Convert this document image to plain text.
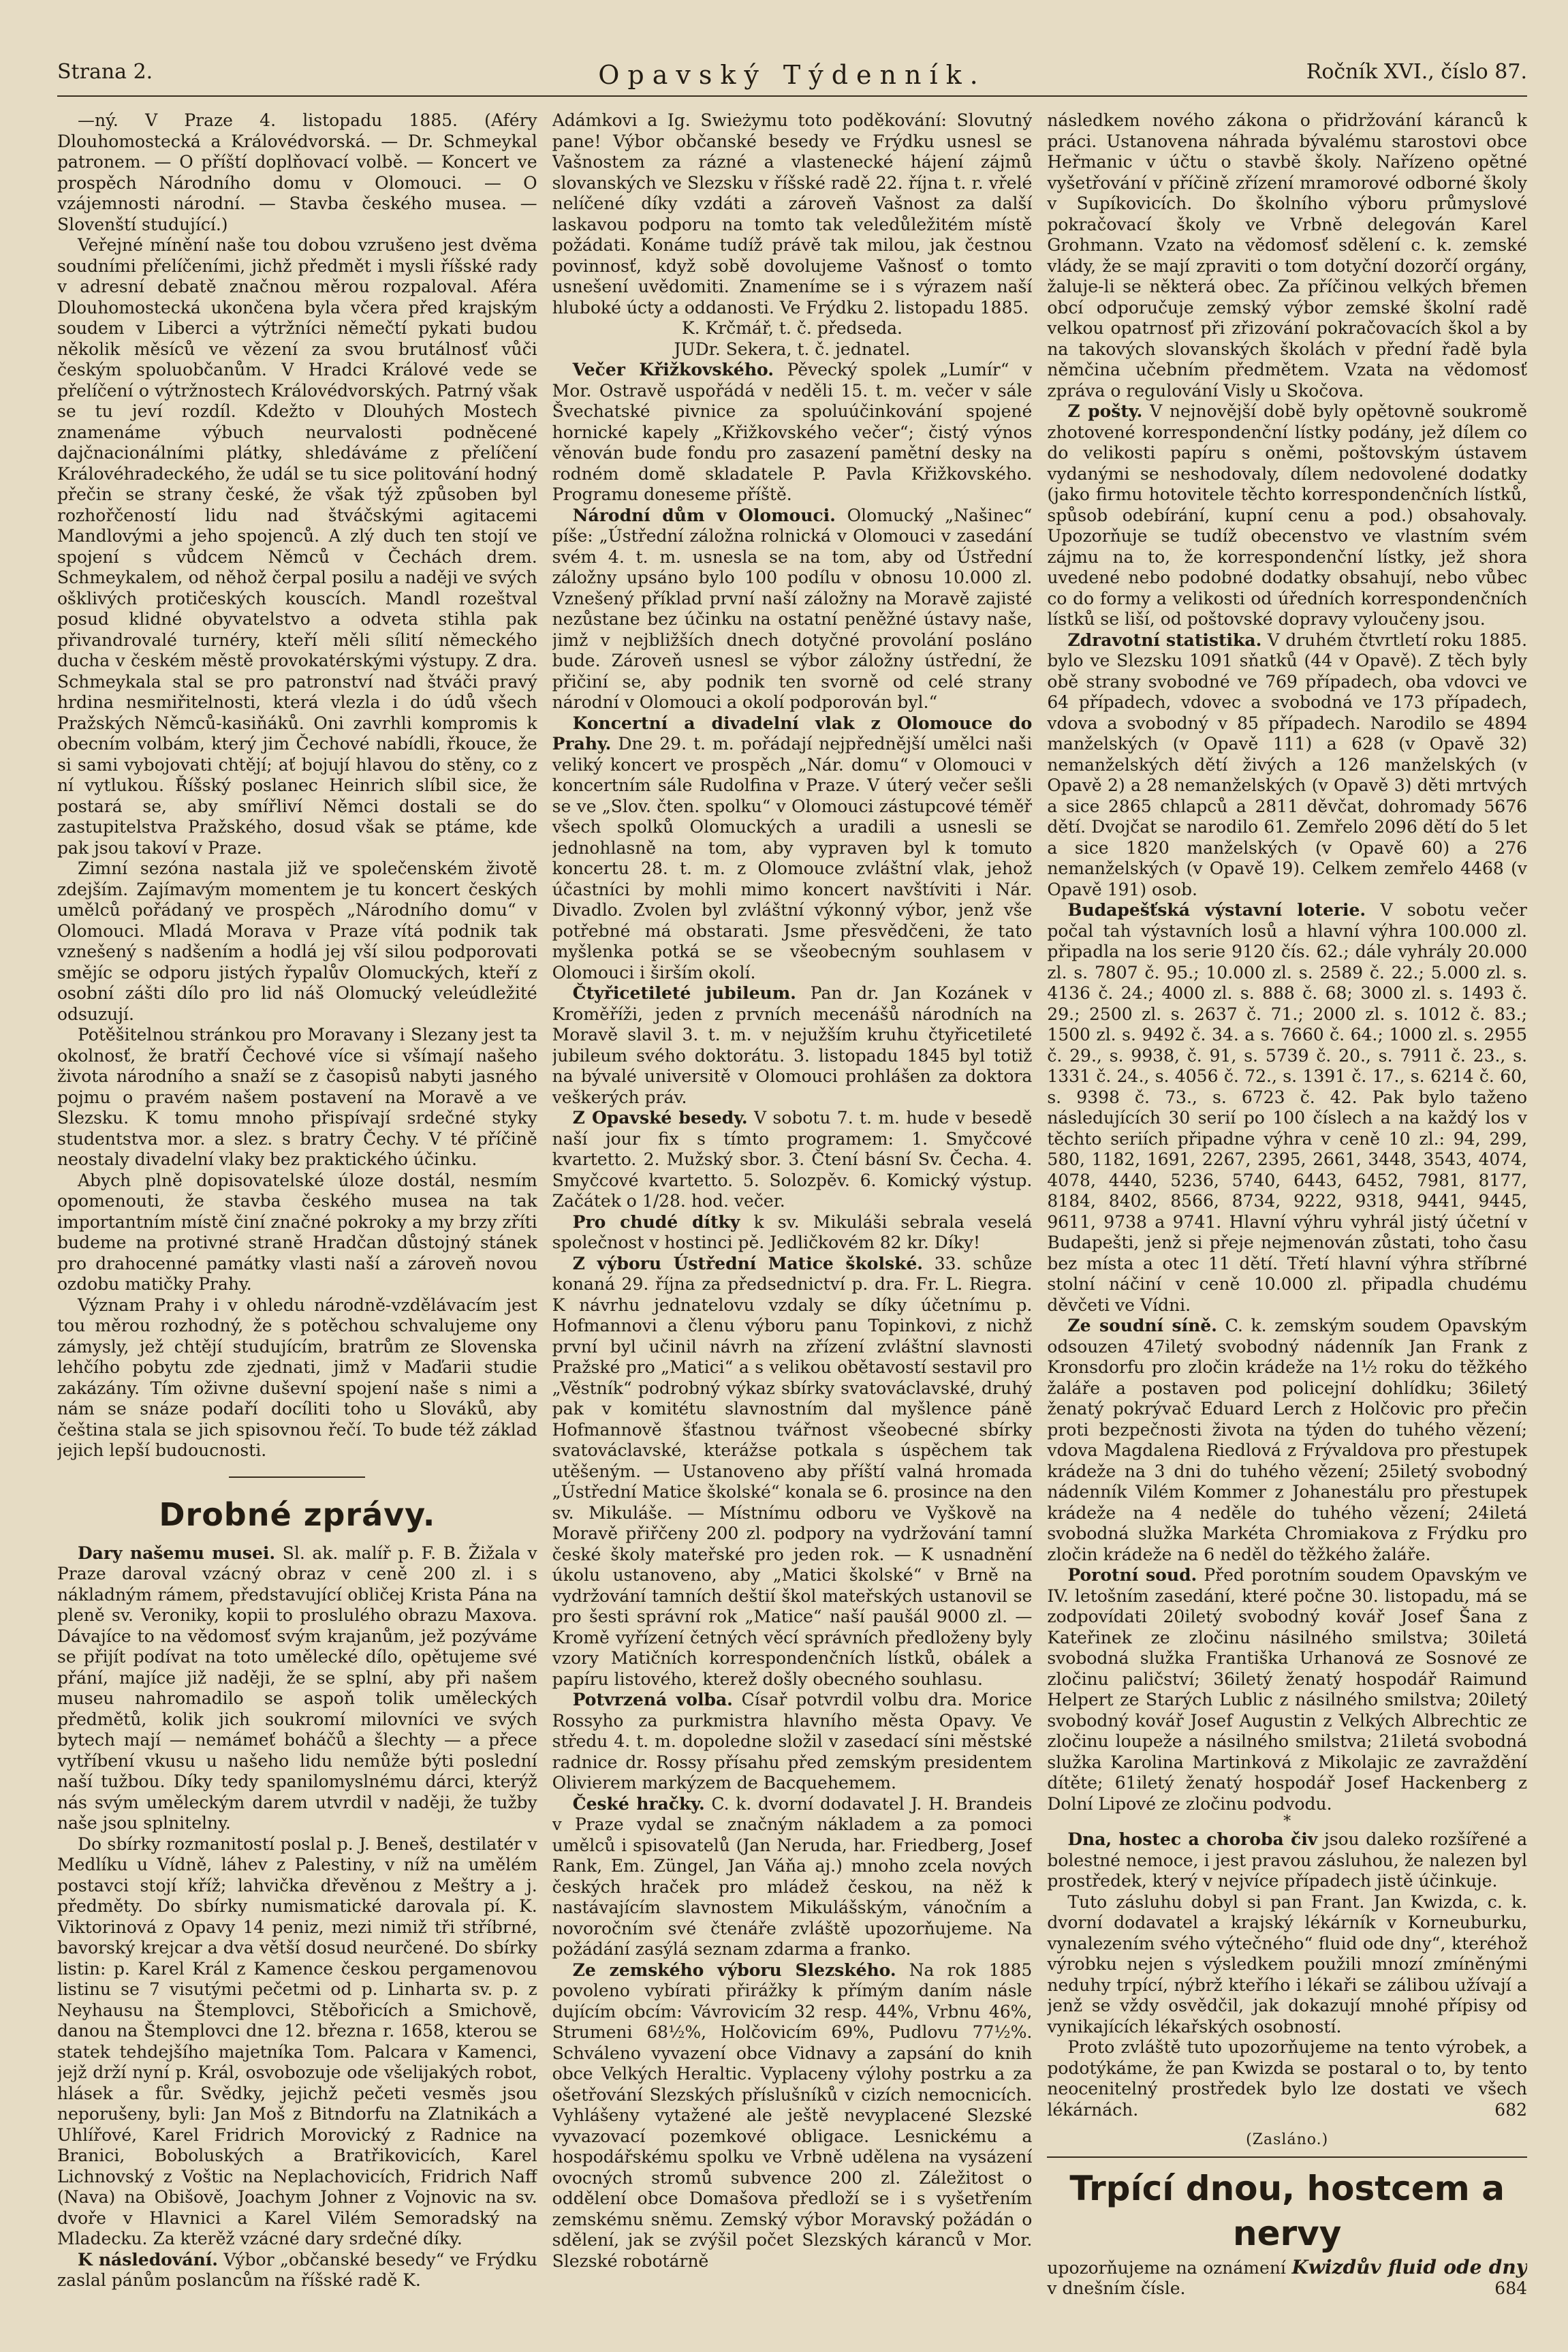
Strana 2.	Opavský Týdenník.	Ročník XVI., číslo 87.

—ný. V Praze 4. listopadu 1885. (Aféry Dlouhomostecká a Královédvorská. — Dr. Schmeykal patronem. — O příští doplňovací volbě. — Koncert ve prospěch Národního domu v Olomouci. — O vzájemnosti národní. — Stavba českého musea. — Slovenští studující.)

Veřejné mínění naše tou dobou vzrušeno jest dvěma soudními přelíčeními, jichž předmět i mysli říšské rady v adresní debatě značnou měrou rozpaloval. Aféra Dlouhomostecká ukončena byla včera před krajským soudem v Liberci a výtržníci němečtí pykati budou několik měsíců ve vězení za svou brutálnosť vůči českým spoluobčanům. V Hradci Králové vede se přelíčení o výtržnostech Královédvorských. Patrný však se tu jeví rozdíl. Kdežto v Dlouhých Mostech znamenáme výbuch neurvalosti podněcené dajčnacionálními plátky, shledáváme z přelíčení Královéhradeckého, že udál se tu sice politování hodný přečin se strany české, že však týž způsoben byl rozhořčeností lidu nad štváčskými agitacemi Mandlovými a jeho spojenců. A zlý duch ten stojí ve spojení s vůdcem Němců v Čechách drem. Schmeykalem, od něhož čerpal posilu a naději ve svých ošklivých protičeských kouscích. Mandl rozeštval posud klidné obyvatelstvo a odveta stihla pak přivandrovalé turnéry, kteří měli sílití německého ducha v českém městě provokatérskými výstupy. Z dra. Schmeykala stal se pro patronství nad štváči pravý hrdina nesmiřitelnosti, která vlezla i do údů všech Pražských Němců-kasiňáků. Oni zavrhli kompromis k obecním volbám, který jim Čechové nabídli, řkouce, že si sami vybojovati chtějí; ať bojují hlavou do stěny, co z ní vytlukou. Říšský poslanec Heinrich slíbil sice, že postará se, aby smířliví Němci dostali se do zastupitelstva Pražského, dosud však se ptáme, kde pak jsou takoví v Praze.

Zimní sezóna nastala již ve společenském životě zdejším. Zajímavým momentem je tu koncert českých umělců pořádaný ve prospěch „Národního domu“ v Olomouci. Mladá Morava v Praze vítá podnik tak vznešený s nadšením a hodlá jej vší silou podporovati smějíc se odporu jistých řypalův Olomuckých, kteří z osobní zášti dílo pro lid náš Olomucký veleúdležité odsuzují.

Potěšitelnou stránkou pro Moravany i Slezany jest ta okolnosť, že bratří Čechové více si všímají našeho života národního a snaží se z časopisů nabyti jasného pojmu o pravém našem postavení na Moravě a ve Slezsku. K tomu mnoho přispívají srdečné styky studentstva mor. a slez. s bratry Čechy. V té příčině neostaly divadelní vlaky bez praktického účinku.

Abych plně dopisovatelské úloze dostál, nesmím opomenouti, že stavba českého musea na tak importantním místě činí značné pokroky a my brzy zříti budeme na protivné straně Hradčan důstojný stánek pro drahocenné památky vlasti naší a zároveň novou ozdobu matičky Prahy.

Význam Prahy i v ohledu národně-vzdělávacím jest tou měrou rozhodný, že s potěchou schvalujeme ony zámysly, jež chtějí studujícím, bratrům ze Slovenska lehčího pobytu zde zjednati, jimž v Maďarii studie zakázány. Tím oživne duševní spojení naše s nimi a nám se snáze podaří docíliti toho u Slováků, aby čeština stala se jich spisovnou řečí. To bude též základ jejich lepší budoucnosti.

Drobné zprávy.

Dary našemu musei. Sl. ak. malíř p. F. B. Žižala v Praze daroval vzácný obraz v ceně 200 zl. i s nákladným rámem, představující obličej Krista Pána na pleně sv. Veroniky, kopii to proslulého obrazu Maxova. Dávajíce to na vědomosť svým krajanům, jež pozýváme se přijít podívat na toto umělecké dílo, opětujeme své přání, majíce již naději, že se splní, aby při našem museu nahromadilo se aspoň tolik uměleckých předmětů, kolik jich soukromí milovníci ve svých bytech mají — nemámeť boháčů a šlechty — a přece vytříbení vkusu u našeho lidu nemůže býti poslední naší tužbou. Díky tedy spanilomyslnému dárci, kterýž nás svým uměleckým darem utvrdil v naději, že tužby naše jsou splnitelny.

Do sbírky rozmanitostí poslal p. J. Beneš, destilatér v Medlíku u Vídně, láhev z Palestiny, v níž na umělém postavci stojí kříž; lahvička dřevěnou z Meštry a j. předměty. Do sbírky numismatické darovala pí. K. Viktorinová z Opavy 14 peniz, mezi nimiž tři stříbrné, bavorský krejcar a dva větší dosud neurčené. Do sbírky listin: p. Karel Král z Kamence českou pergamenovou listinu se 7 visutými pečetmi od p. Linharta sv. p. z Neyhausu na Štemplovci, Stěbořicích a Smichově, danou na Štemplovci dne 12. března r. 1658, kterou se statek tehdejšího majetníka Tom. Palcara v Kamenci, jejž drží nyní p. Král, osvobozuje ode všelijakých robot, hlásek a fůr. Svědky, jejichž pečeti vesměs jsou neporušeny, byli: Jan Moš z Bitndorfu na Zlatnikách a Uhlířové, Karel Fridrich Morovický z Radnice na Branici, Boboluských a Bratřikovicích, Karel Lichnovský z Voštic na Neplachovicích, Fridrich Naff (Nava) na Obišově, Joachym Johner z Vojnovic na sv. dvoře v Hlavnici a Karel Vilém Semoradský na Mladecku. Za kterěž vzácné dary srdečné díky.

K následování. Výbor „občanské besedy“ ve Frýdku zaslal pánům poslancům na říšské radě K.

Adámkovi a Ig. Swieżymu toto poděkování: Slovutný pane! Výbor občanské besedy ve Frýdku usnesl se Vašnostem za rázné a vlastenecké hájení zájmů slovanských ve Slezsku v říšské radě 22. října t. r. vřelé nelíčené díky vzdáti a zároveň Vašnost za další laskavou podporu na tomto tak veledůležitém místě požádati. Konáme tudíž právě tak milou, jak čestnou povinnosť, když sobě dovolujeme Vašnosť o tomto usnešení uvědomiti. Znameníme se i s výrazem naší hluboké úcty a oddanosti. Ve Frýdku 2. listopadu 1885.

K. Krčmář, t. č. předseda.

JUDr. Sekera, t. č. jednatel.

Večer Křižkovského. Pěvecký spolek „Lumír“ v Mor. Ostravě uspořádá v neděli 15. t. m. večer v sále Švechatské pivnice za spoluúčinkování spojené hornické kapely „Křižkovského večer“; čistý výnos věnován bude fondu pro zasazení pamětní desky na rodném domě skladatele P. Pavla Křižkovského. Programu doneseme příště.

Národní dům v Olomouci. Olomucký „Našinec“ píše: „Ústřední záložna rolnická v Olomouci v zasedání svém 4. t. m. usnesla se na tom, aby od Ústřední záložny upsáno bylo 100 podílu v obnosu 10.000 zl. Vznešený příklad první naší záložny na Moravě zajisté nezůstane bez účinku na ostatní peněžné ústavy naše, jimž v nejbližších dnech dotyčné provolání posláno bude. Zároveň usnesl se výbor záložny ústřední, že přičiní se, aby podnik ten svorně od celé strany národní v Olomouci a okolí podporován byl.“

Koncertní a divadelní vlak z Olomouce do Prahy. Dne 29. t. m. pořádají nejpřednější umělci naši veliký koncert ve prospěch „Nár. domu“ v Olomouci v koncertním sále Rudolfina v Praze. V úterý večer sešli se ve „Slov. čten. spolku“ v Olomouci zástupcové téměř všech spolků Olomuckých a uradili a usnesli se jednohlasně na tom, aby vypraven byl k tomuto koncertu 28. t. m. z Olomouce zvláštní vlak, jehož účastníci by mohli mimo koncert navštíviti i Nár. Divadlo. Zvolen byl zvláštní výkonný výbor, jenž vše potřebné má obstarati. Jsme přesvědčeni, že tato myšlenka potká se se všeobecným souhlasem v Olomouci i širším okolí.

Čtyřicetileté jubileum. Pan dr. Jan Kozánek v Kroměříži, jeden z prvních mecenášů národních na Moravě slavil 3. t. m. v nejužším kruhu čtyřicetileté jubileum svého doktorátu. 3. listopadu 1845 byl totiž na bývalé universitě v Olomouci prohlášen za doktora veškerých práv.

Z Opavské besedy. V sobotu 7. t. m. hude v besedě naší jour fix s tímto programem: 1. Smyčcové kvartetto. 2. Mužský sbor. 3. Čtení básní Sv. Čecha. 4. Smyčcové kvartetto. 5. Solozpěv. 6. Komický výstup. Začátek o 1/28. hod. večer.

Pro chudé dítky k sv. Mikuláši sebrala veselá společnost v hostinci pě. Jedličkovém 82 kr. Díky!

Z výboru Ústřední Matice školské. 33. schůze konaná 29. října za předsednictví p. dra. Fr. L. Riegra. K návrhu jednatelovu vzdaly se díky účetnímu p. Hofmannovi a členu výboru panu Topinkovi, z nichž první byl učinil návrh na zřízení zvláštní slavnosti Pražské pro „Matici“ a s velikou obětavostí sestavil pro „Věstník“ podrobný výkaz sbírky svatováclavské, druhý pak v komitétu slavnostním dal myšlence páně Hofmannově šťastnou tvářnost všeobecné sbírky svatováclavské, kterážse potkala s úspěchem tak utěšeným. — Ustanoveno aby příští valná hromada „Ústřední Matice školské“ konala se 6. prosince na den sv. Mikuláše. — Místnímu odboru ve Vyškově na Moravě přiřčeny 200 zl. podpory na vydržování tamní české školy mateřské pro jeden rok. — K usnadnění úkolu ustanoveno, aby „Matici školské“ v Brně na vydržování tamních deštií škol mateřských ustanovil se pro šesti správní rok „Matice“ naší paušál 9000 zl. — Kromě vyřízení četných věcí správních předloženy byly vzory Matičních korrespondenčních lístků, obálek a papíru listového, kterež došly obecného souhlasu.

Potvrzená volba. Císař potvrdil volbu dra. Morice Rossyho za purkmistra hlavního města Opavy. Ve středu 4. t. m. dopoledne složil v zasedací síni městské radnice dr. Rossy přísahu před zemským presidentem Olivierem markýzem de Bacquehemem.

České hračky. C. k. dvorní dodavatel J. H. Brandeis v Praze vydal se značným nákladem a za pomoci umělců i spisovatelů (Jan Neruda, har. Friedberg, Josef Rank, Em. Züngel, Jan Váňa aj.) mnoho zcela nových českých hraček pro mládež českou, na něž k nastávajícím slavnostem Mikulášským, vánočním a novoročním své čtenáře zvláště upozorňujeme. Na požádání zasýlá seznam zdarma a franko.

Ze zemského výboru Slezského. Na rok 1885 povoleno vybírati přirážky k přímým daním násle dujícím obcím: Vávrovicím 32 resp. 44%, Vrbnu 46%, Strumeni 68½%, Holčovicím 69%, Pudlovu 77½%. Schváleno vyvazení obce Vidnavy a zapsání do knih obce Velkých Heraltic. Vyplaceny výlohy postrku a za ošetřování Slezských příslušníků v cizích nemocnicích. Vyhlášeny vytažené ale ještě nevyplacené Slezské vyvazovací pozemkové obligace. Lesnickému a hospodářskému spolku ve Vrbně udělena na vysázení ovocných stromů subvence 200 zl. Záležitost o oddělení obce Domašova předloží se i s vyšetřením zemskému sněmu. Zemský výbor Moravský požádán o sdělení, jak se zvýšil počet Slezských káranců v Mor. Slezské robotárně

následkem nového zákona o přidržování káranců k práci. Ustanovena náhrada bývalému starostovi obce Heřmanic v účtu o stavbě školy. Nařízeno opětné vyšetřování v příčině zřízení mramorové odborné školy v Supíkovicích. Do školního výboru průmyslové pokračovací školy ve Vrbně delegován Karel Grohmann. Vzato na vědomosť sdělení c. k. zemské vlády, že se mají zpraviti o tom dotyční dozorčí orgány, žaluje-li se některá obec. Za příčinou velkých břemen obcí odporučuje zemský výbor zemské školní radě velkou opatrnosť při zřizování pokračovacích škol a by na takových slovanských školách v přední řadě byla němčina učebním předmětem. Vzata na vědomosť zpráva o regulování Visly u Skočova.

Z pošty. V nejnovější době byly opětovně soukromě zhotovené korrespondenční lístky podány, jež dílem co do velikosti papíru s oněmi, poštovským ústavem vydanými se neshodovaly, dílem nedovolené dodatky (jako firmu hotovitele těchto korrespondenčních lístků, spůsob odebírání, kupní cenu a pod.) obsahovaly. Upozorňuje se tudíž obecenstvo ve vlastním svém zájmu na to, že korrespondenční lístky, jež shora uvedené nebo podobné dodatky obsahují, nebo vůbec co do formy a velikosti od úředních korrespondenčních lístků se liší, od poštovské dopravy vyloučeny jsou.

Zdravotní statistika. V druhém čtvrtletí roku 1885. bylo ve Slezsku 1091 sňatků (44 v Opavě). Z těch byly obě strany svobodné ve 769 případech, oba vdovci ve 64 případech, vdovec a svobodná ve 173 případech, vdova a svobodný v 85 případech. Narodilo se 4894 manželských (v Opavě 111) a 628 (v Opavě 32) nemanželských dětí živých a 126 manželských (v Opavě 2) a 28 nemanželských (v Opavě 3) děti mrtvých a sice 2865 chlapců a 2811 děvčat, dohromady 5676 dětí. Dvojčat se narodilo 61. Zemřelo 2096 dětí do 5 let a sice 1820 manželských (v Opavě 60) a 276 nemanželských (v Opavě 19). Celkem zemřelo 4468 (v Opavě 191) osob.

Budapešťská výstavní loterie. V sobotu večer počal tah výstavních losů a hlavní výhra 100.000 zl. připadla na los serie 9120 čís. 62.; dále vyhrály 20.000 zl. s. 7807 č. 95.; 10.000 zl. s. 2589 č. 22.; 5.000 zl. s. 4136 č. 24.; 4000 zl. s. 888 č. 68; 3000 zl. s. 1493 č. 29.; 2500 zl. s. 2637 č. 71.; 2000 zl. s. 1012 č. 83.; 1500 zl. s. 9492 č. 34. a s. 7660 č. 64.; 1000 zl. s. 2955 č. 29., s. 9938, č. 91, s. 5739 č. 20., s. 7911 č. 23., s. 1331 č. 24., s. 4056 č. 72., s. 1391 č. 17., s. 6214 č. 60, s. 9398 č. 73., s. 6723 č. 42. Pak bylo taženo následujících 30 serií po 100 číslech a na každý los v těchto seriích připadne výhra v ceně 10 zl.: 94, 299, 580, 1182, 1691, 2267, 2395, 2661, 3448, 3543, 4074, 4078, 4440, 5236, 5740, 6443, 6452, 7981, 8177, 8184, 8402, 8566, 8734, 9222, 9318, 9441, 9445, 9611, 9738 a 9741. Hlavní výhru vyhrál jistý účetní v Budapešti, jenž si přeje nejmenován zůstati, toho času bez místa a otec 11 dětí. Třetí hlavní výhra stříbrné stolní náčiní v ceně 10.000 zl. připadla chudému děvčeti ve Vídni.

Ze soudní síně. C. k. zemským soudem Opavským odsouzen 47iletý svobodný nádenník Jan Frank z Kronsdorfu pro zločin krádeže na 1½ roku do těžkého žaláře a postaven pod policejní dohlídku; 36iletý ženatý pokrývač Eduard Lerch z Holčovic pro přečin proti bezpečnosti života na týden do tuhého vězení; vdova Magdalena Riedlová z Frývaldova pro přestupek krádeže na 3 dni do tuhého vězení; 25iletý svobodný nádenník Vilém Kommer z Johanestálu pro přestupek krádeže na 4 neděle do tuhého vězení; 24iletá svobodná služka Markéta Chromiakova z Frýdku pro zločin krádeže na 6 neděl do těžkého žaláře.

Porotní soud. Před porotním soudem Opavským ve IV. letošním zasedání, které počne 30. listopadu, má se zodpovídati 20iletý svobodný kovář Josef Šana z Kateřinek ze zločinu násilného smilstva; 30iletá svobodná služka Františka Urhanová ze Sosnové ze zločinu paličství; 36iletý ženatý hospodář Raimund Helpert ze Starých Lublic z násilného smilstva; 20iletý svobodný kovář Josef Augustin z Velkých Albrechtic ze zločinu loupeže a násilného smilstva; 21iletá svobodná služka Karolina Martinková z Mikolajic ze zavraždění dítěte; 61iletý ženatý hospodář Josef Hackenberg z Dolní Lipové ze zločinu podvodu.

*

Dna, hostec a choroba čiv jsou daleko rozšířené a bolestné nemoce, i jest pravou zásluhou, že nalezen byl prostředek, který v nejvíce případech jistě účinkuje.

Tuto zásluhu dobyl si pan Frant. Jan Kwizda, c. k. dvorní dodavatel a krajský lékárník v Korneuburku, vynalezením svého výtečného“ fluid ode dny“, kteréhož výrobku nejen s výsledkem použili mnozí zmíněnými neduhy trpící, nýbrž kteřího i lékaři se zálibou užívají a jenž se vždy osvědčil, jak dokazují mnohé přípisy od vynikajících lékařských osobností.

Proto zvláště tuto upozorňujeme na tento výrobek, a podotýkáme, že pan Kwizda se postaral o to, by tento neocenitelný prostředek bylo lze dostati ve všech lékárnách.	682

(Zasláno.)
Trpící dnou, hostcem a nervy

upozorňujeme na oznámení Kwizdův fluid ode dny v dnešním čísle.	684
